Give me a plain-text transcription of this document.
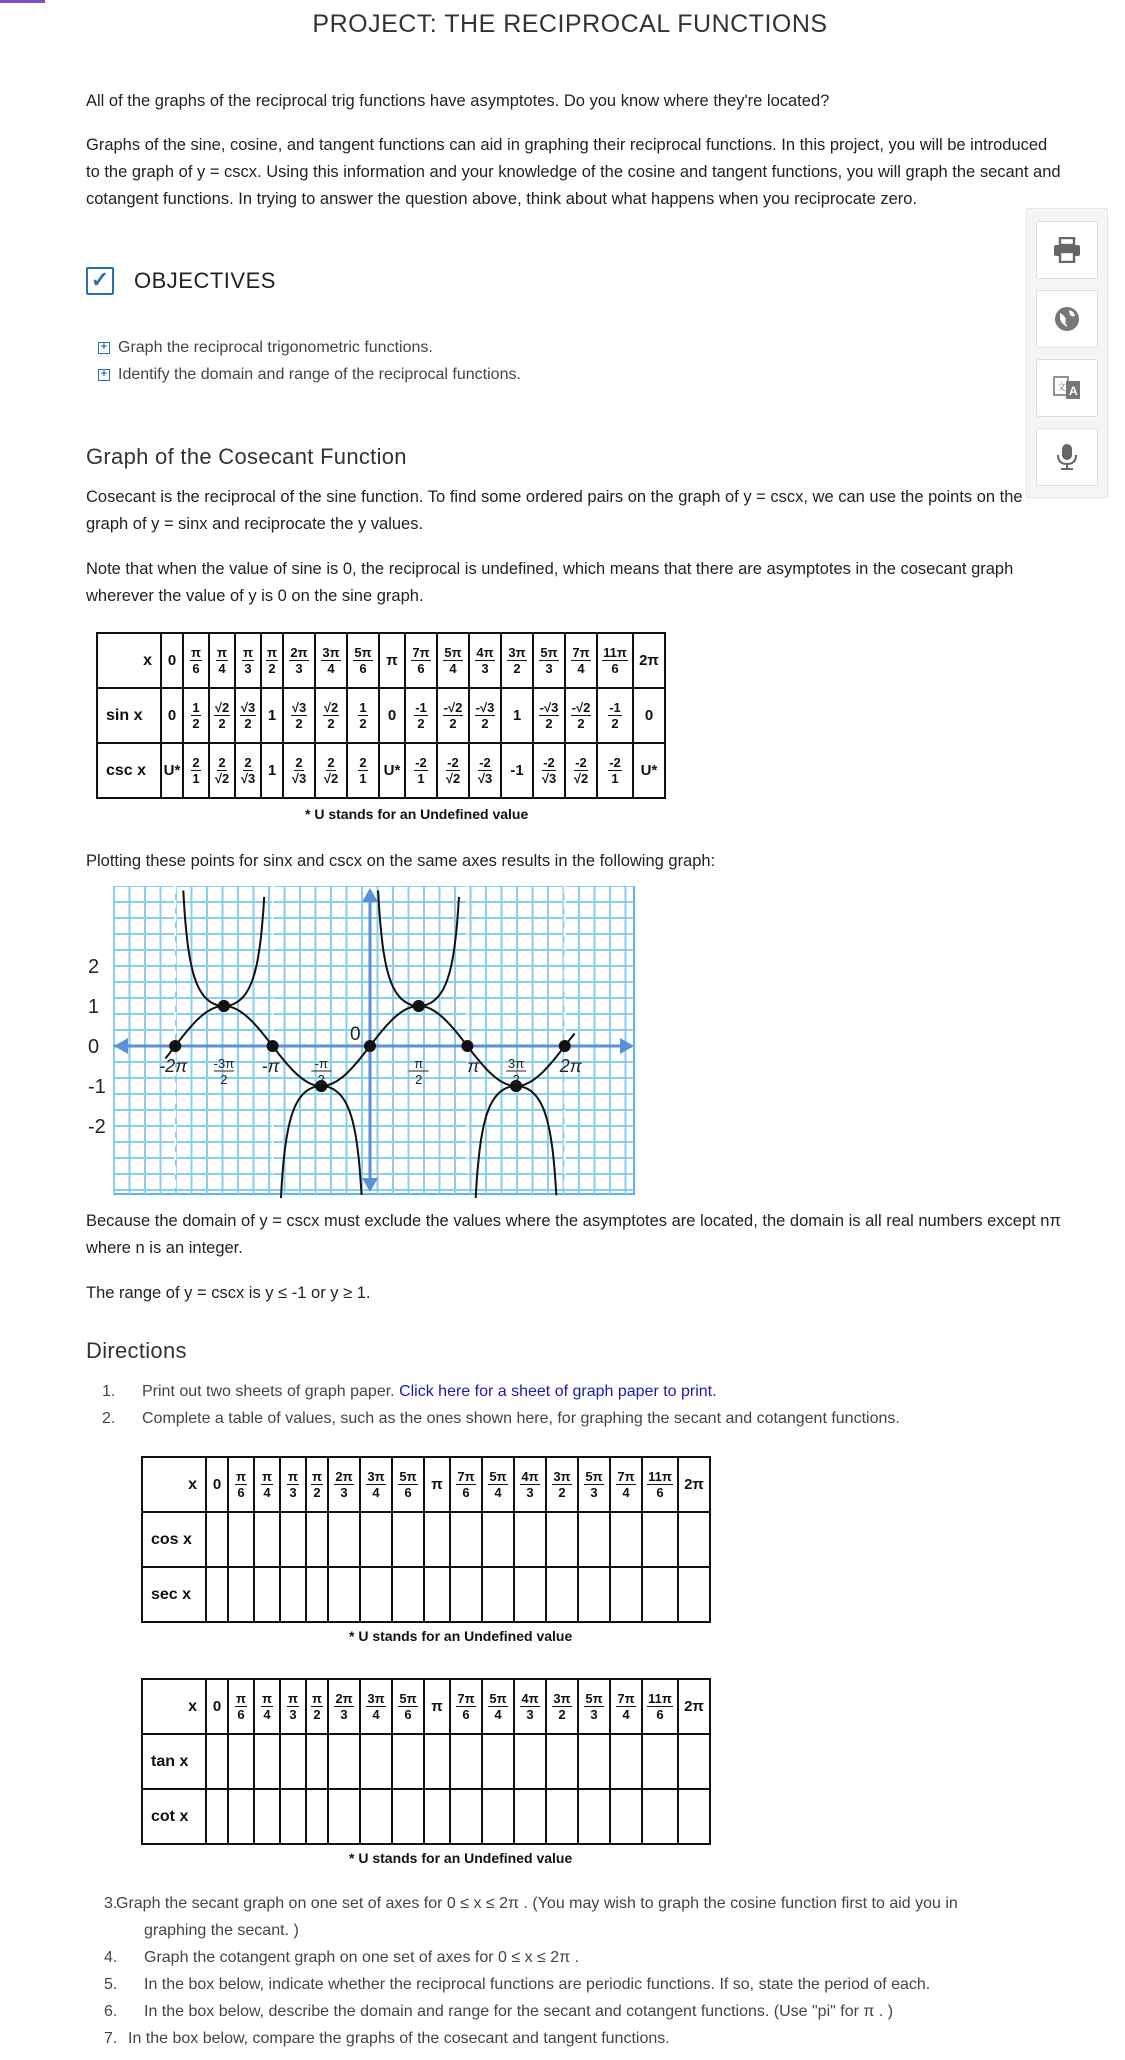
PROJECT: THE RECIPROCAL FUNCTIONS

All of the graphs of the reciprocal trig functions have asymptotes. Do you know where they're located?

Graphs of the sine, cosine, and tangent functions can aid in graphing their reciprocal functions. In this project, you will be introduced to the graph of y = cscx. Using this information and your knowledge of the cosine and tangent functions, you will graph the secant and cotangent functions. In trying to answer the question above, think about what happens when you reciprocate zero.

✓ OBJECTIVES
+ Graph the reciprocal trigonometric functions.
+ Identify the domain and range of the reciprocal functions.
Graph of the Cosecant Function

Cosecant is the reciprocal of the sine function. To find some ordered pairs on the graph of y = cscx, we can use the points on the graph of y = sinx and reciprocate the y values.

Note that when the value of sine is 0, the reciprocal is undefined, which means that there are asymptotes in the cosecant graph wherever the value of y is 0 on the sine graph.

x	0	$\frac{\pi}{6}$	$\frac{\pi}{4}$	$\frac{\pi}{3}$	$\frac{\pi}{2}$	$\frac{2\pi}{3}$	$\frac{3\pi}{4}$	$\frac{5\pi}{6}$	π	$\frac{7\pi}{6}$	$\frac{5\pi}{4}$	$\frac{4\pi}{3}$	$\frac{3\pi}{2}$	$\frac{5\pi}{3}$	$\frac{7\pi}{4}$	$\frac{11\pi}{6}$	2π
sin x	0	$\frac{1}{2}$	$\frac{√2}{2}$	$\frac{√3}{2}$	1	$\frac{√3}{2}$	$\frac{√2}{2}$	$\frac{1}{2}$	0	$\frac{-1}{2}$	$\frac{-√2}{2}$	$\frac{-√3}{2}$	1	$\frac{-√3}{2}$	$\frac{-√2}{2}$	$\frac{-1}{2}$	0
csc x	U*	$\frac{2}{1}$	$\frac{2}{√2}$	$\frac{2}{√3}$	1	$\frac{2}{√3}$	$\frac{2}{√2}$	$\frac{2}{1}$	U*	$\frac{-2}{1}$	$\frac{-2}{√2}$	$\frac{-2}{√3}$	-1	$\frac{-2}{√3}$	$\frac{-2}{√2}$	$\frac{-2}{1}$	U*
* U stands for an Undefined value

Plotting these points for sinx and cscx on the same axes results in the following graph:

2
1
0
-1
-2
0
-2π -3π
2
-π	-π
2
π
2
π 3π
2
2π

Because the domain of y = cscx must exclude the values where the asymptotes are located, the domain is all real numbers except nπ where n is an integer.

The range of y = cscx is y ≤ -1 or y ≥ 1.

Directions
1.	Print out two sheets of graph paper. Click here for a sheet of graph paper to print.
2.	Complete a table of values, such as the ones shown here, for graphing the secant and cotangent functions.
x	0	$\frac{\pi}{6}$	$\frac{\pi}{4}$	$\frac{\pi}{3}$	$\frac{\pi}{2}$	$\frac{2\pi}{3}$	$\frac{3\pi}{4}$	$\frac{5\pi}{6}$	π	$\frac{7\pi}{6}$	$\frac{5\pi}{4}$	$\frac{4\pi}{3}$	$\frac{3\pi}{2}$	$\frac{5\pi}{3}$	$\frac{7\pi}{4}$	$\frac{11\pi}{6}$	2π
cos x																	
sec x																	
* U stands for an Undefined value
x	0	$\frac{\pi}{6}$	$\frac{\pi}{4}$	$\frac{\pi}{3}$	$\frac{\pi}{2}$	$\frac{2\pi}{3}$	$\frac{3\pi}{4}$	$\frac{5\pi}{6}$	π	$\frac{7\pi}{6}$	$\frac{5\pi}{4}$	$\frac{4\pi}{3}$	$\frac{3\pi}{2}$	$\frac{5\pi}{3}$	$\frac{7\pi}{4}$	$\frac{11\pi}{6}$	2π
tan x																	
cot x																	
* U stands for an Undefined value
3.
Graph the secant graph on one set of axes for 0 ≤ x ≤ 2π . (You may wish to graph the cosine function first to aid you in graphing the secant. )
4.	Graph the cotangent graph on one set of axes for 0 ≤ x ≤ 2π .
5.	In the box below, indicate whether the reciprocal functions are periodic functions. If so, state the period of each.
6.	In the box below, describe the domain and range for the secant and cotangent functions. (Use "pi" for π . )
7. In the box below, compare the graphs of the cosecant and tangent functions.
文 A
